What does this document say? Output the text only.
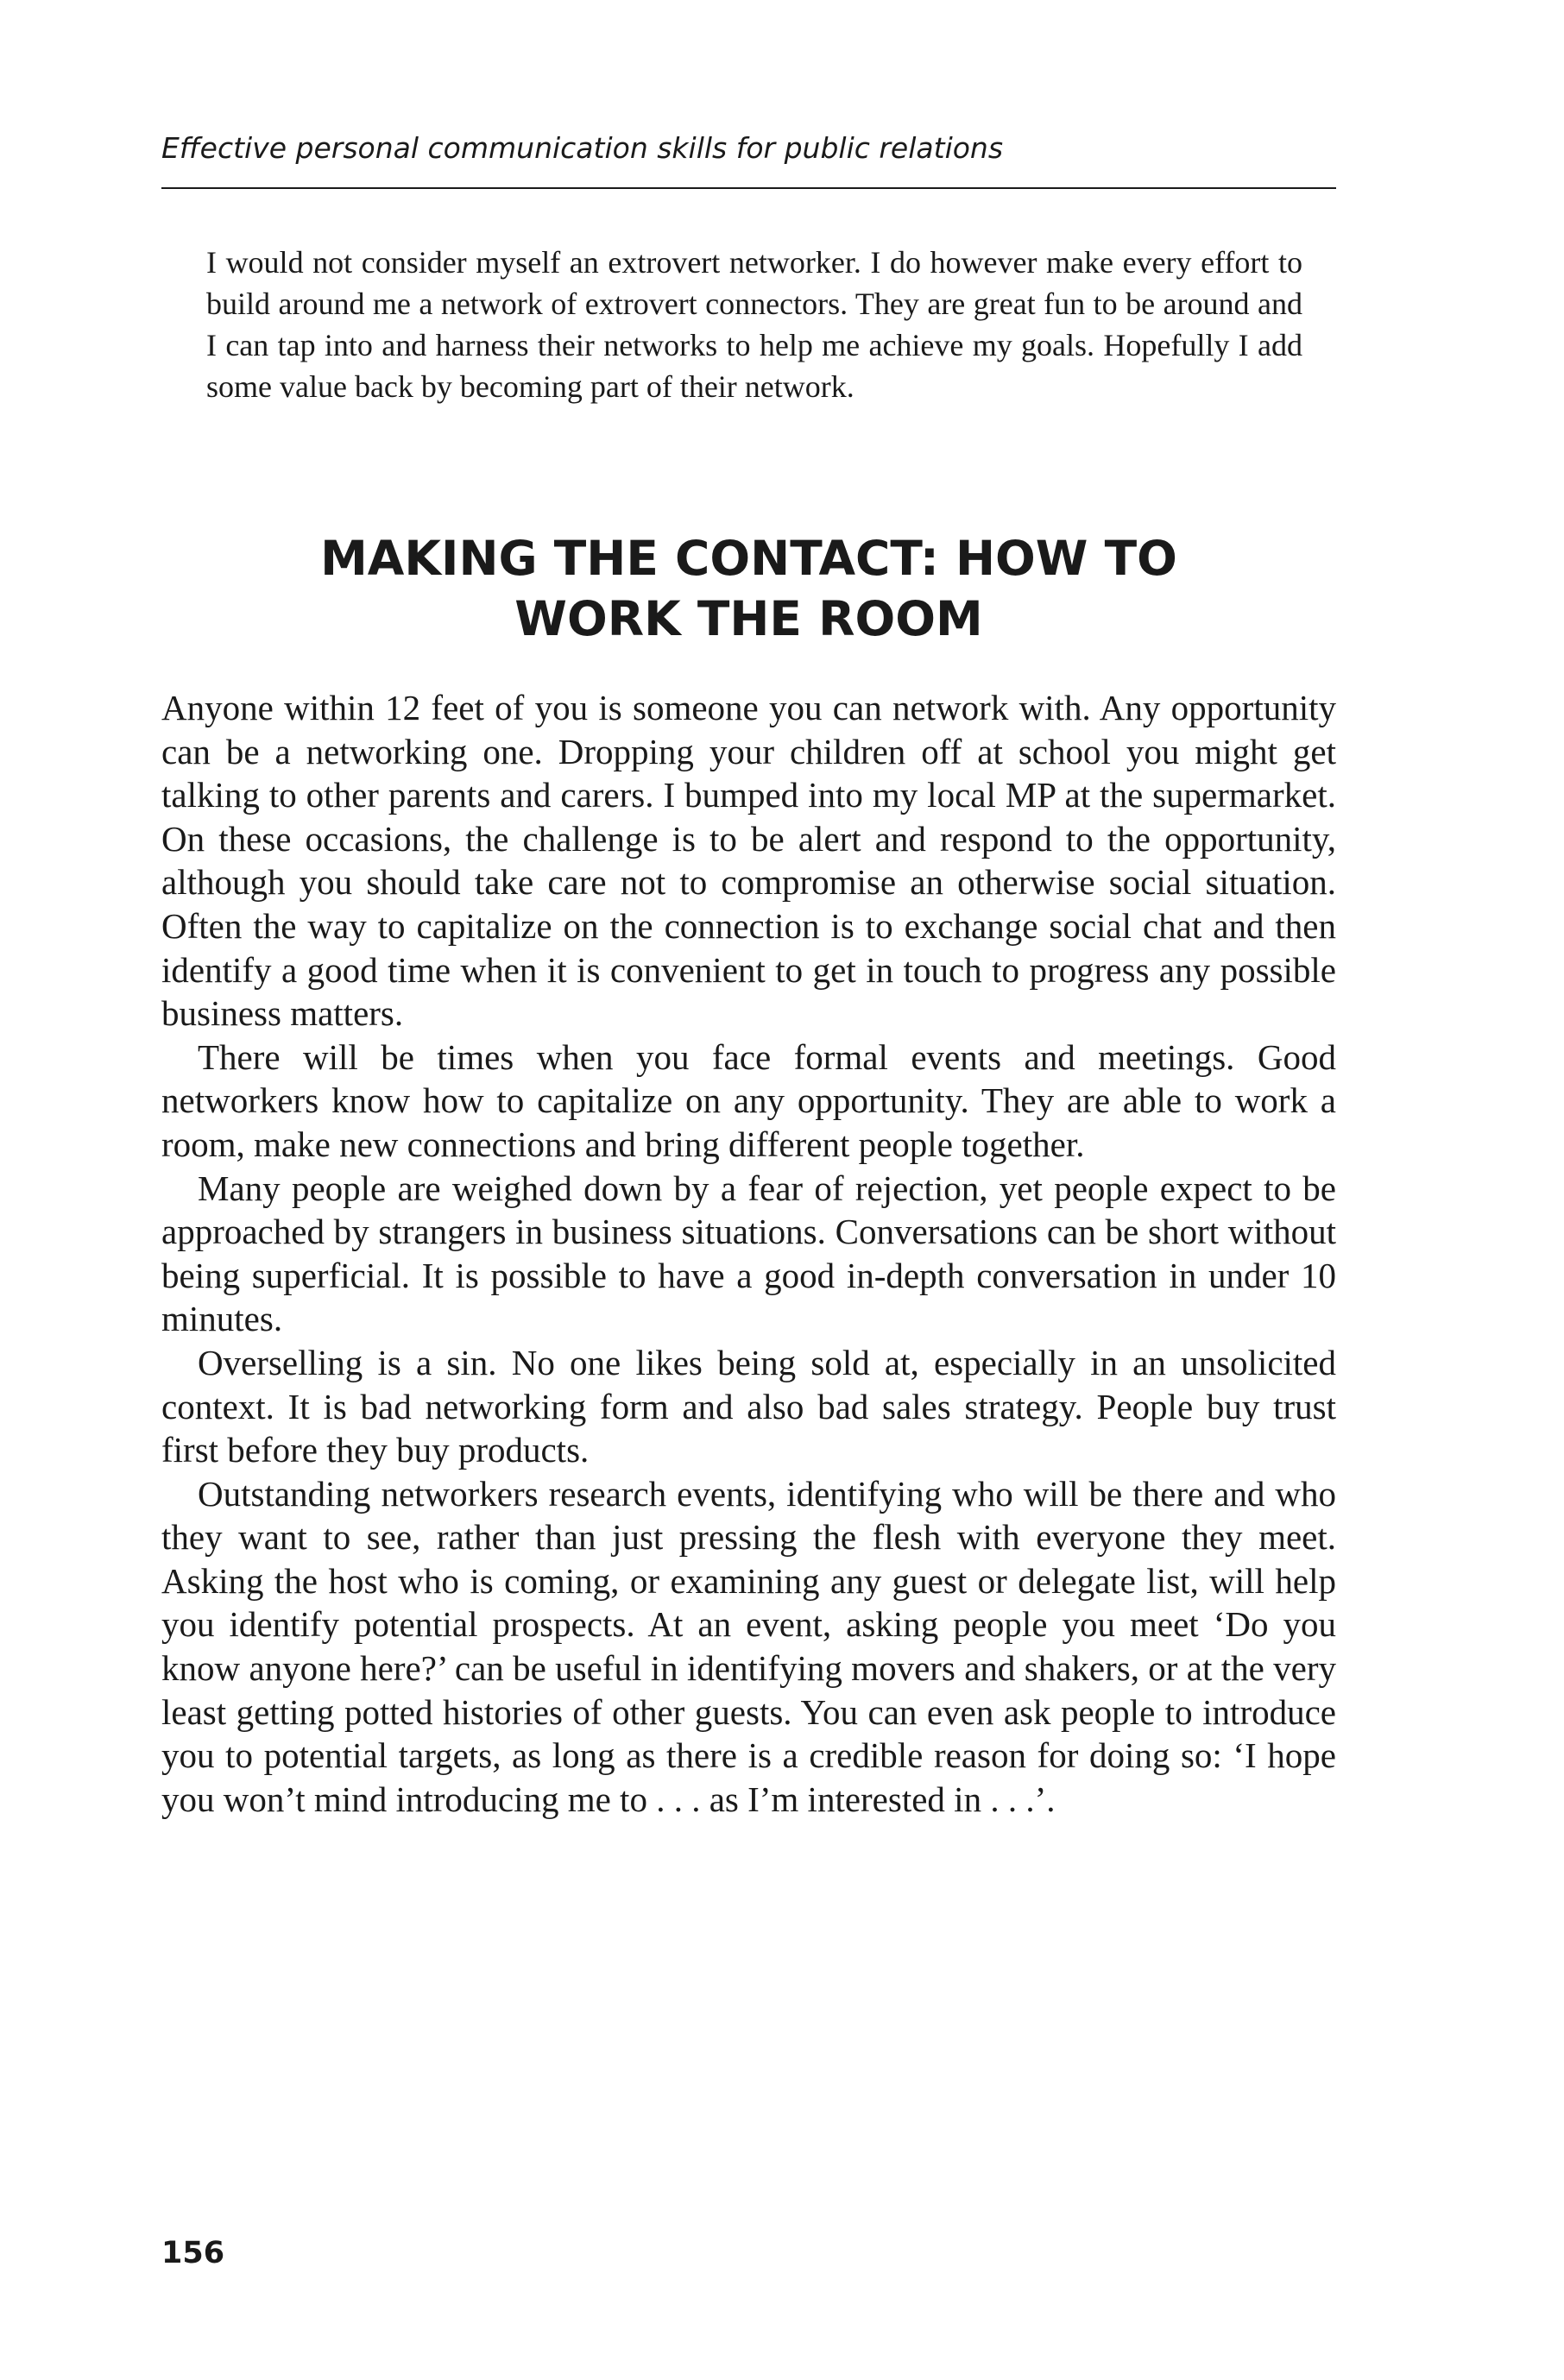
Effective personal communication skills for public relations
I would not consider myself an extrovert networker. I do however make every effort to build around me a network of extrovert connectors. They are great fun to be around and I can tap into and harness their networks to help me achieve my goals. Hopefully I add some value back by becoming part of their network.
MAKING THE CONTACT: HOW TO
WORK THE ROOM

Anyone within 12 feet of you is someone you can network with. Any opportunity can be a networking one. Dropping your children off at school you might get talking to other parents and carers. I bumped into my local MP at the supermarket. On these occasions, the challenge is to be alert and respond to the opportunity, although you should take care not to compromise an otherwise social situation. Often the way to capitalize on the connection is to exchange social chat and then identify a good time when it is convenient to get in touch to progress any possible business matters.

There will be times when you face formal events and meetings. Good networkers know how to capitalize on any opportunity. They are able to work a room, make new connections and bring different people together.

Many people are weighed down by a fear of rejection, yet people expect to be approached by strangers in business situations. Conversations can be short without being superficial. It is possible to have a good in-depth conversation in under 10 minutes.

Overselling is a sin. No one likes being sold at, especially in an unsolicited context. It is bad networking form and also bad sales strategy. People buy trust first before they buy products.

Outstanding networkers research events, identifying who will be there and who they want to see, rather than just pressing the flesh with everyone they meet. Asking the host who is coming, or examining any guest or delegate list, will help you identify potential prospects. At an event, asking people you meet ‘Do you know anyone here?’ can be useful in identifying movers and shakers, or at the very least getting potted histories of other guests. You can even ask people to introduce you to potential targets, as long as there is a credible reason for doing so: ‘I hope you won’t mind introducing me to . . . as I’m interested in . . .’.

156
